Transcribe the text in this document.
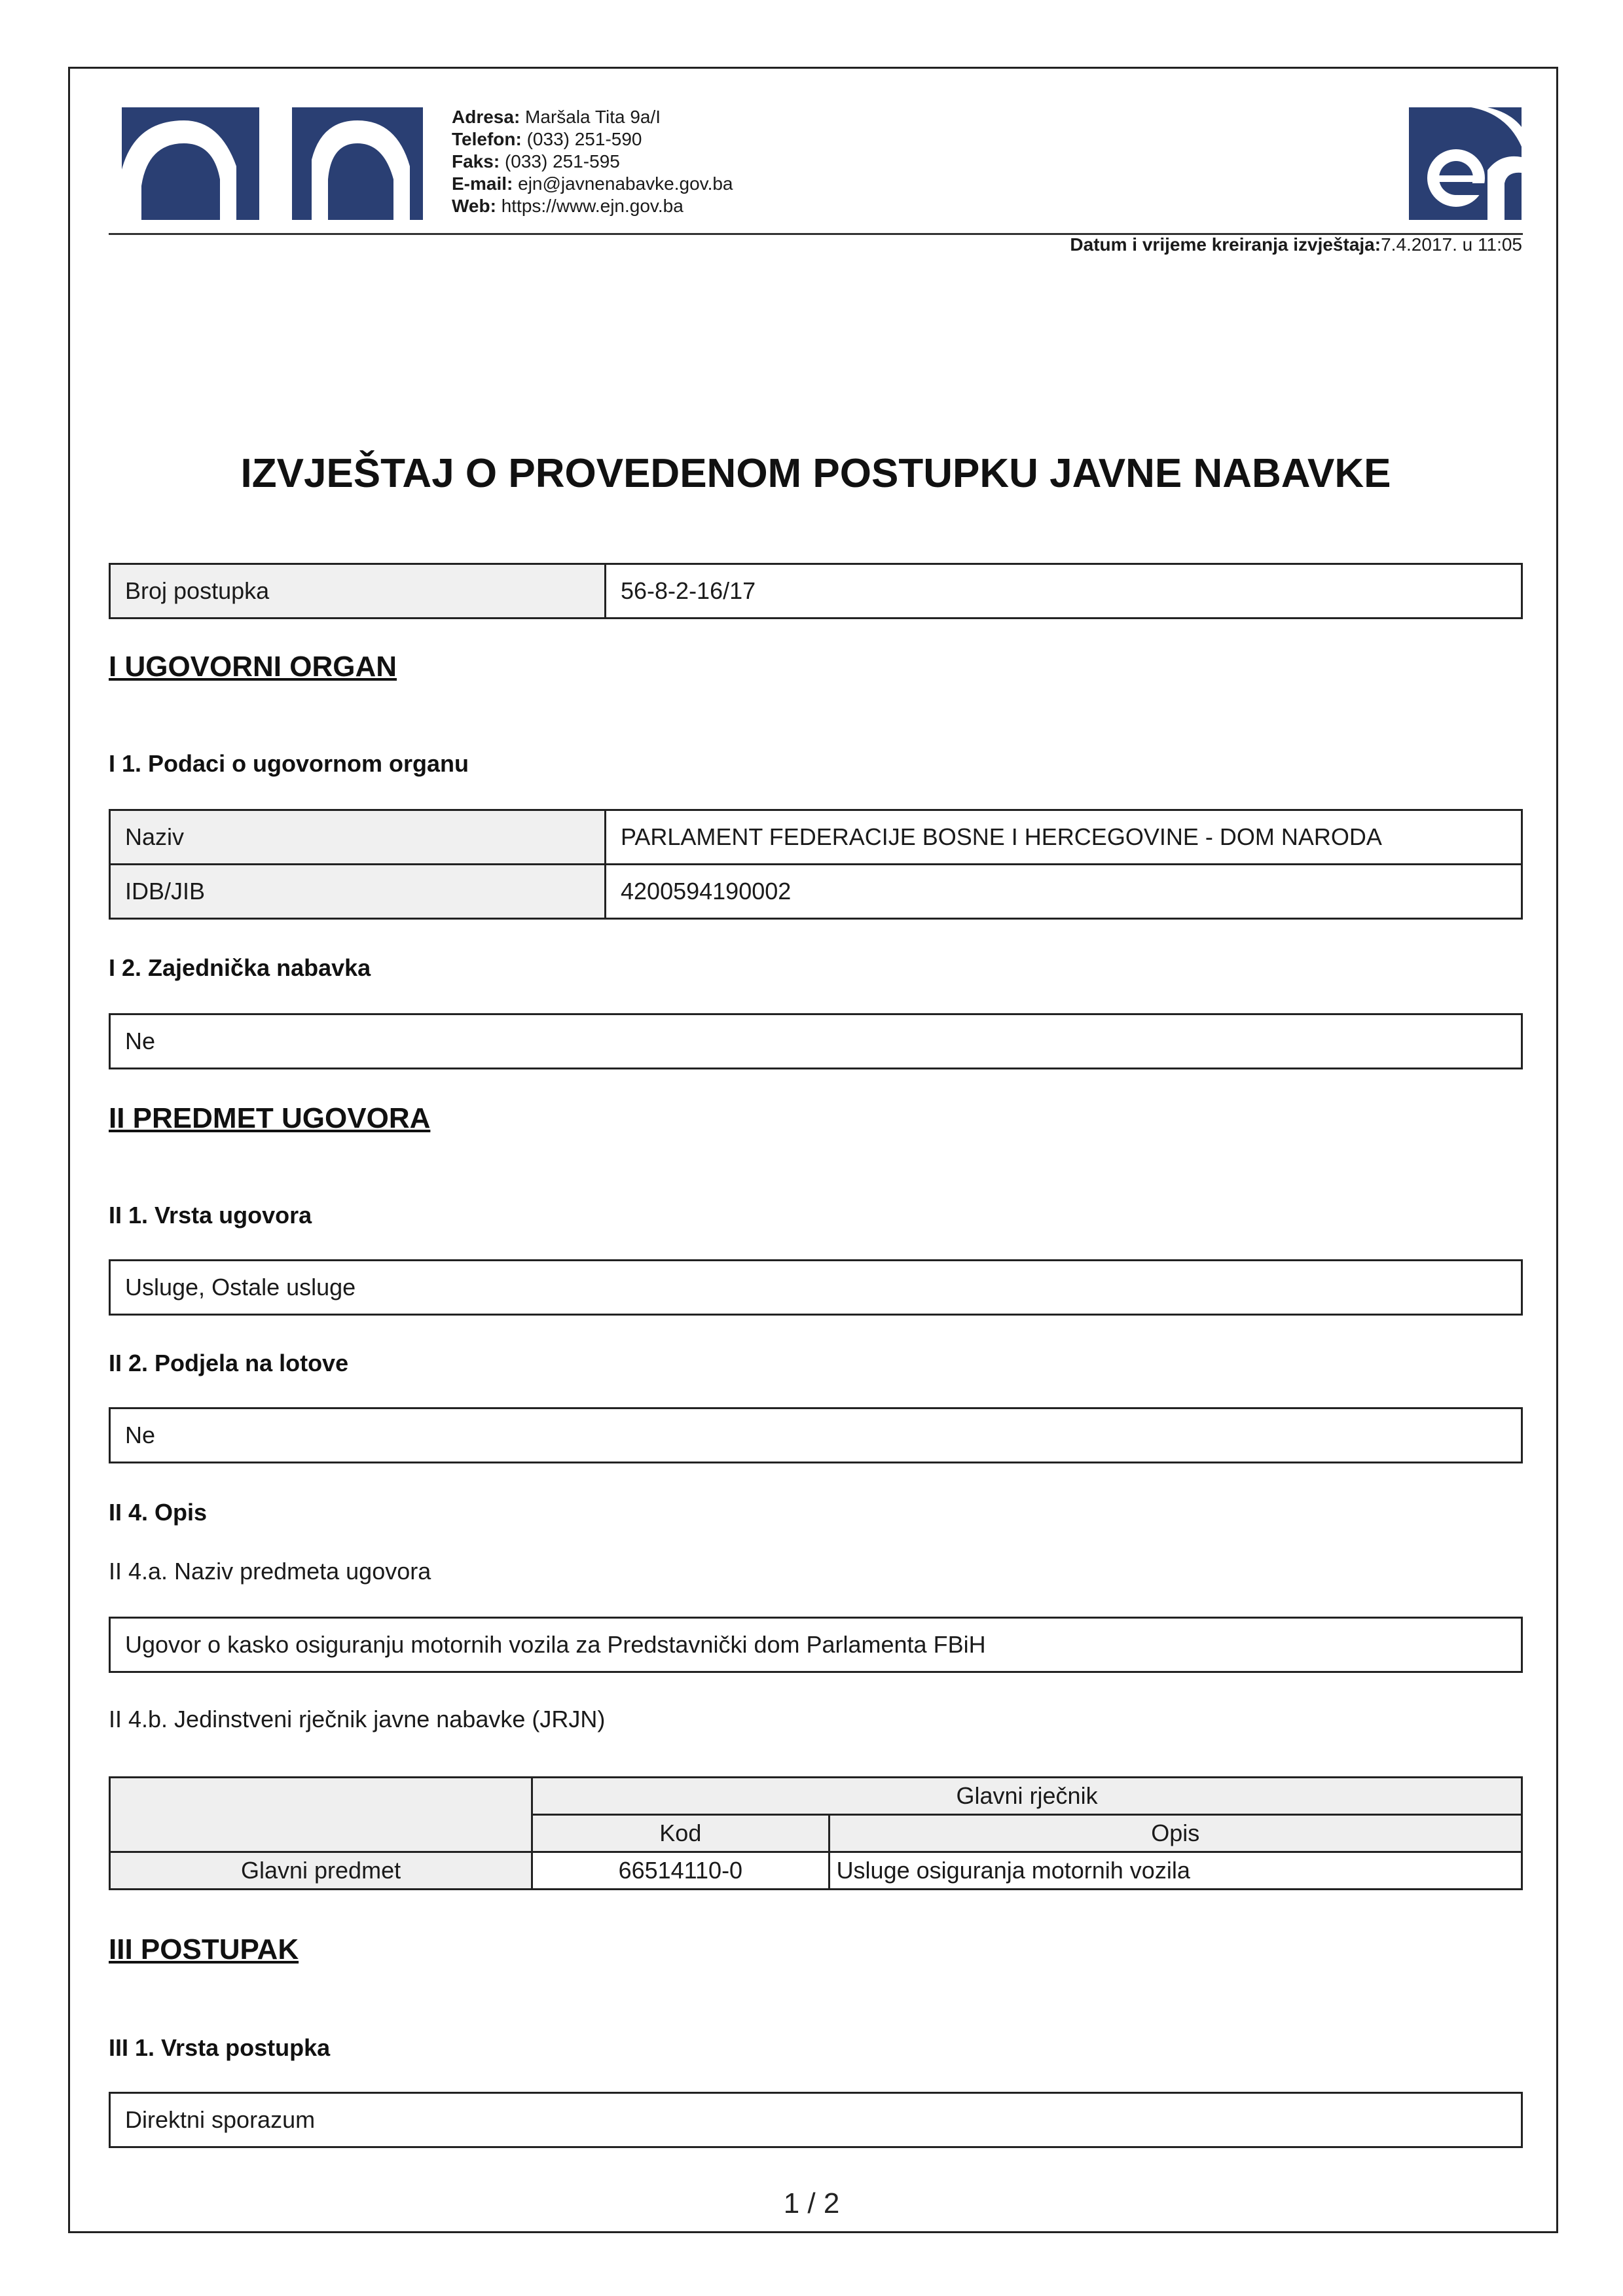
Adresa: Maršala Tita 9a/I
Telefon: (033) 251-590
Faks: (033) 251-595
E-mail: ejn@javnenabavke.gov.ba
Web: https://www.ejn.gov.ba
Datum i vrijeme kreiranja izvještaja:7.4.2017. u 11:05
IZVJEŠTAJ O PROVEDENOM POSTUPKU JAVNE NABAVKE
Broj postupka	56-8-2-16/17
I UGOVORNI ORGAN
I 1. Podaci o ugovornom organu
Naziv	PARLAMENT FEDERACIJE BOSNE I HERCEGOVINE - DOM NARODA
IDB/JIB	4200594190002
I 2. Zajednička nabavka
Ne
II PREDMET UGOVORA
II 1. Vrsta ugovora
Usluge, Ostale usluge
II 2. Podjela na lotove
Ne
II 4. Opis
II 4.a. Naziv predmeta ugovora
Ugovor o kasko osiguranju motornih vozila za Predstavnički dom Parlamenta FBiH
II 4.b. Jedinstveni rječnik javne nabavke (JRJN)
	Glavni rječnik	
	Kod	Opis
Glavni predmet	66514110-0	Usluge osiguranja motornih vozila
III POSTUPAK
III 1. Vrsta postupka
Direktni sporazum
1 / 2
